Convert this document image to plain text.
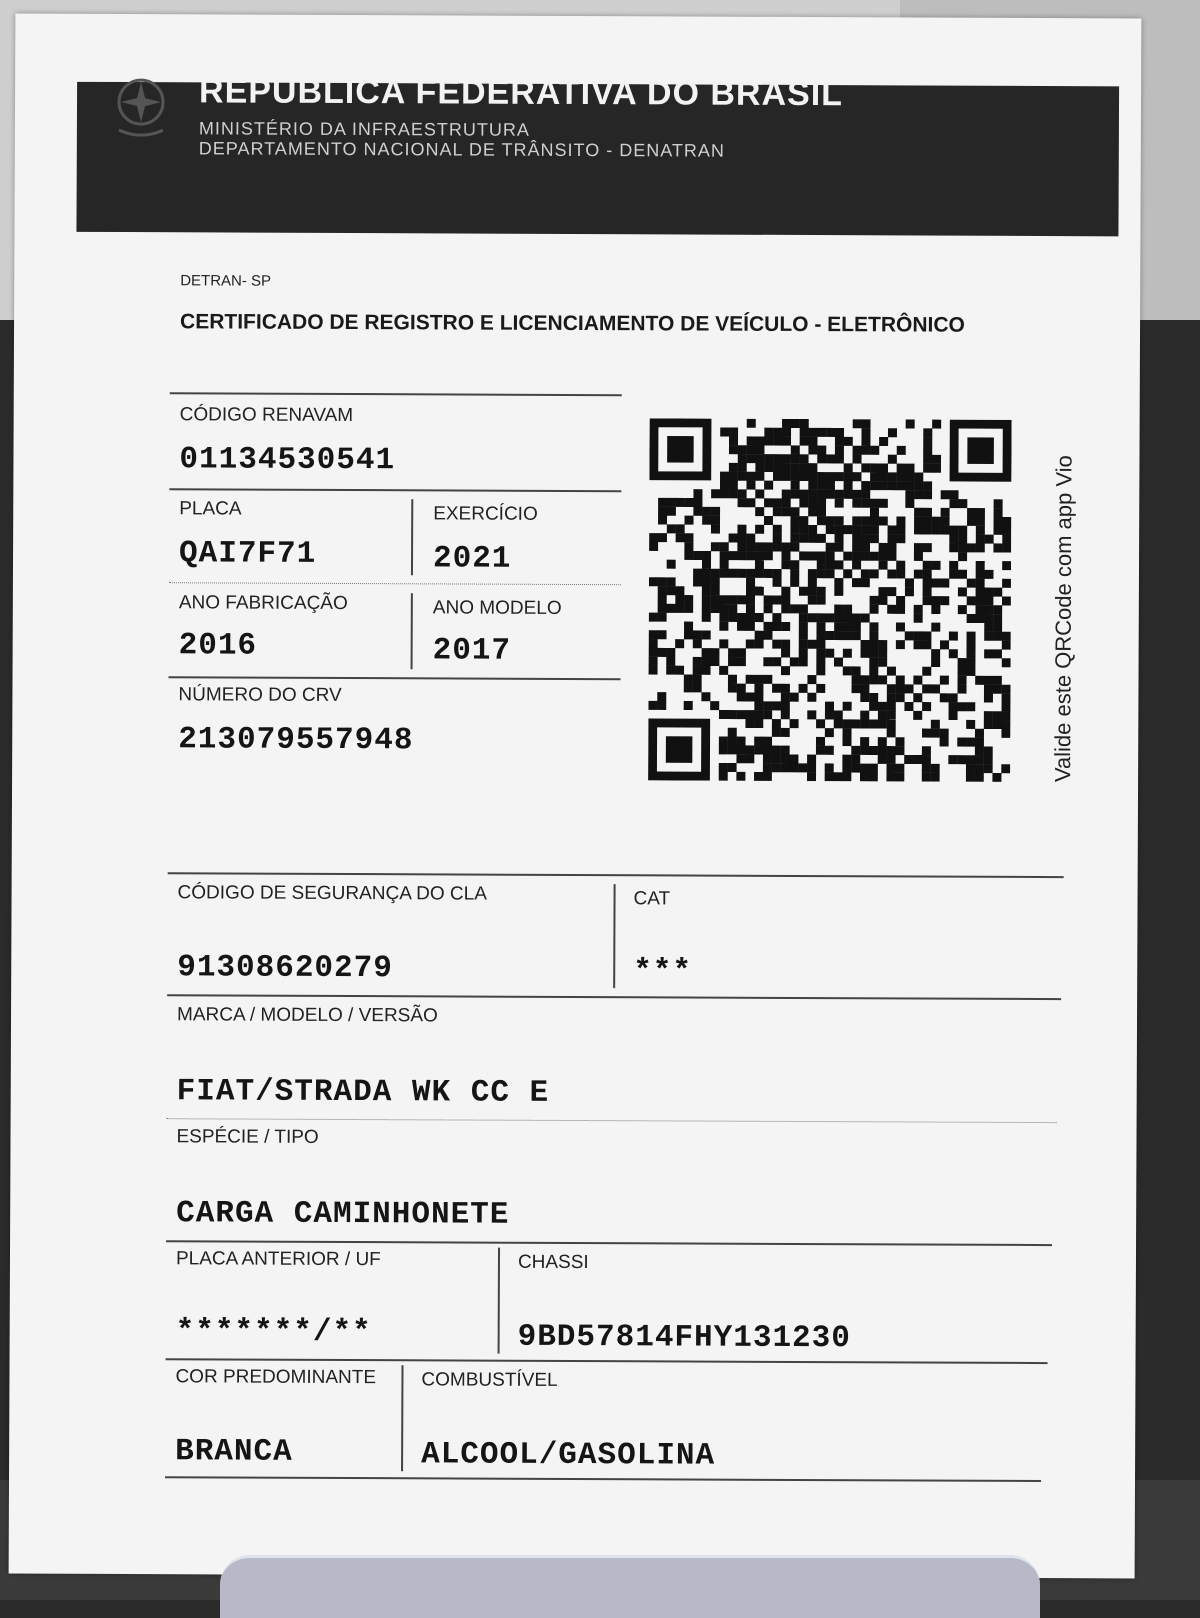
REPÚBLICA FEDERATIVA DO BRASIL
MINISTÉRIO DA INFRAESTRUTURA
DEPARTAMENTO NACIONAL DE TRÂNSITO - DENATRAN
DETRAN- SP
CERTIFICADO DE REGISTRO E LICENCIAMENTO DE VEÍCULO - ELETRÔNICO
CÓDIGO RENAVAM
01134530541
PLACA
QAI7F71
EXERCÍCIO
2021
ANO FABRICAÇÃO
2016
ANO MODELO
2017
NÚMERO DO CRV
213079557948	Valide este QRCode com app Vio
CÓDIGO DE SEGURANÇA DO CLA
91308620279
CAT
***
MARCA / MODELO / VERSÃO
FIAT/STRADA WK CC E
ESPÉCIE / TIPO
CARGA CAMINHONETE
PLACA ANTERIOR / UF
*******/**
CHASSI
9BD57814FHY131230
COR PREDOMINANTE
BRANCA
COMBUSTÍVEL
ALCOOL/GASOLINA
